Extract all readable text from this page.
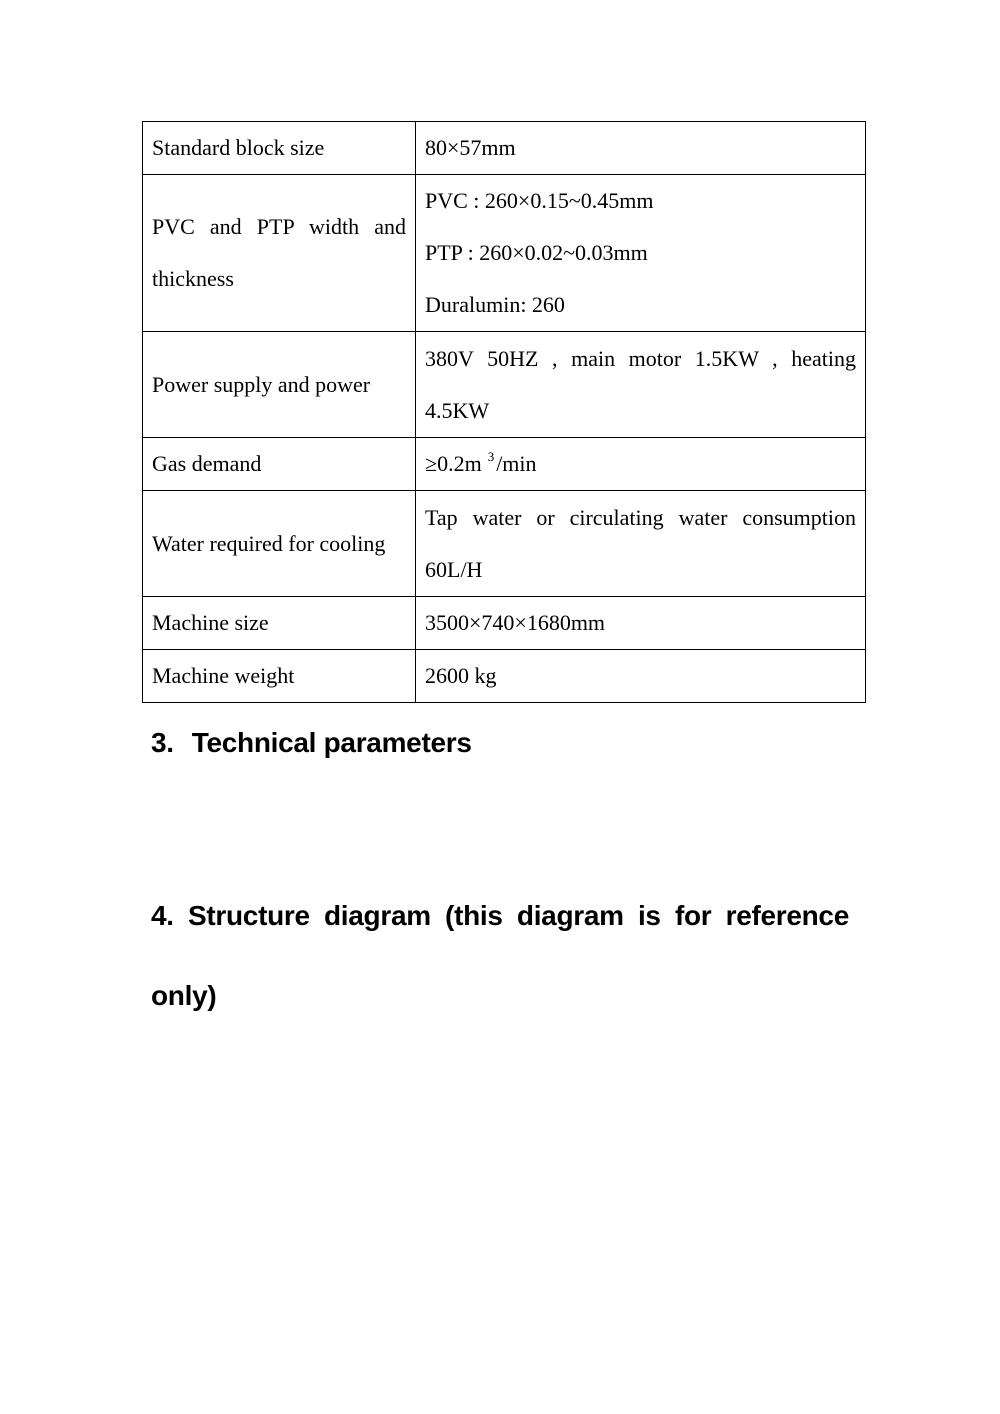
Standard block size	80×57mm
PVC and PTP width and thickness	PVC : 260×0.15~0.45mm
PTP : 260×0.02~0.03mm
Duralumin: 260

Power supply and power	380V 50HZ , main motor 1.5KW , heating 4.5KW
Gas demand	≥0.2m $^3$/min
Water required for cooling	Tap water or circulating water consumption 60L/H
Machine size	3500×740×1680mm
Machine weight	2600 kg
3. Technical parameters
4. Structure diagram (this diagram is for reference only)
